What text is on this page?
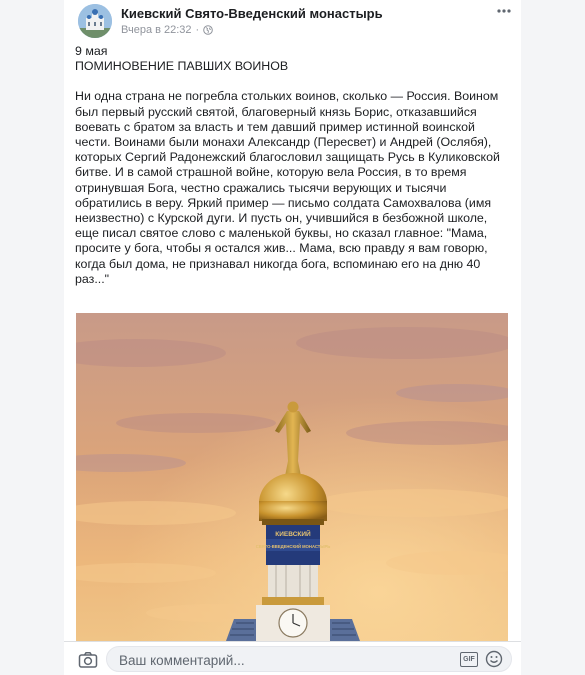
Киевский Свято-Введенский монастырь
Вчера в 22:32 ·

9 мая

ПОМИНОВЕНИЕ ПАВШИХ ВОИНОВ

Ни одна страна не погребла стольких воинов, сколько — Россия. Воином был первый русский святой, благоверный князь Борис, отказавшийся воевать с братом за власть и тем давший пример истинной воинской чести. Воинами были монахи Александр (Пересвет) и Андрей (Ослябя), которых Сергий Радонежский благословил защищать Русь в Куликовской битве. И в самой страшной войне, которую вела Россия, в то время отринувшая Бога, честно сражались тысячи верующих и тысячи обратились в веру. Яркий пример — письмо солдата Самохвалова (имя неизвестно) с Курской дуги. И пусть он, учившийся в безбожной школе, еще писал святое слово с маленькой буквы, но сказал главное: "Мама, просите у бога, чтобы я остался жив... Мама, всю правду я вам говорю, когда был дома, не признавал никогда бога, вспоминаю его на дню 40 раз..."

КИЕВСКИЙ
СВЯТО-ВВЕДЕНСКИЙ МОНАСТЫРЬ
Ваш комментарий...
GIF
